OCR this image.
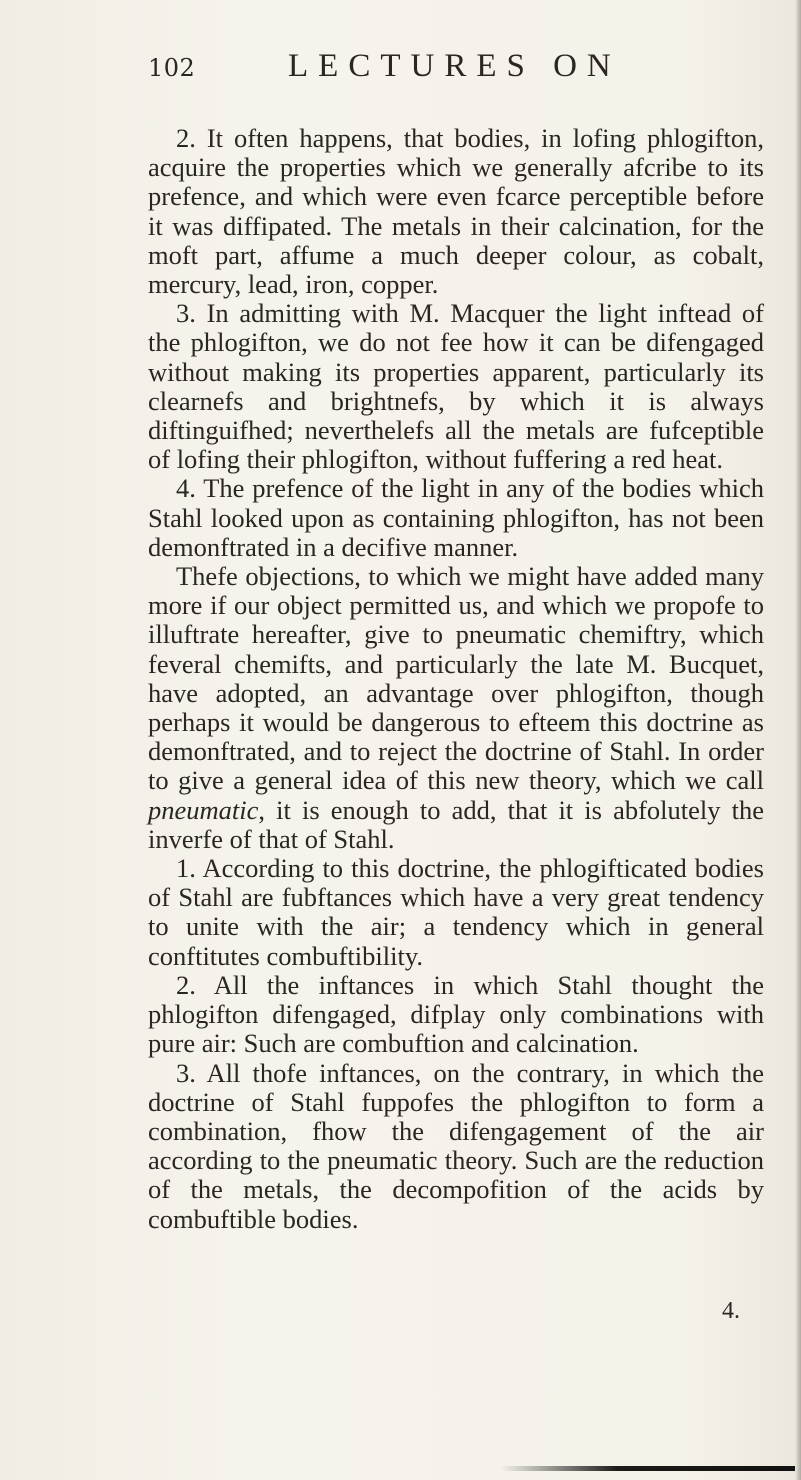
102	LECTURES ON

2. It often happens, that bodies, in lofing phlogifton, acquire the properties which we generally afcribe to its prefence, and which were even fcarce perceptible before it was diffipated. The metals in their calcination, for the moft part, affume a much deeper colour, as cobalt, mercury, lead, iron, copper.

3. In admitting with M. Macquer the light inftead of the phlogifton, we do not fee how it can be difengaged without making its properties apparent, particularly its clearnefs and brightnefs, by which it is always diftinguifhed; neverthelefs all the metals are fufceptible of lofing their phlogifton, without fuffering a red heat.

4. The prefence of the light in any of the bodies which Stahl looked upon as containing phlogifton, has not been demonftrated in a decifive manner.

Thefe objections, to which we might have added many more if our object permitted us, and which we propofe to illuftrate hereafter, give to pneumatic chemiftry, which feveral chemifts, and particularly the late M. Bucquet, have adopted, an advantage over phlogifton, though perhaps it would be dangerous to efteem this doctrine as demonftrated, and to reject the doctrine of Stahl. In order to give a general idea of this new theory, which we call pneumatic, it is enough to add, that it is abfolutely the inverfe of that of Stahl.

1. According to this doctrine, the phlogifticated bodies of Stahl are fubftances which have a very great tendency to unite with the air; a tendency which in general conftitutes combuftibility.

2. All the inftances in which Stahl thought the phlogifton difengaged, difplay only combinations with pure air: Such are combuftion and calcination.

3. All thofe inftances, on the contrary, in which the doctrine of Stahl fuppofes the phlogifton to form a combination, fhow the difengagement of the air according to the pneumatic theory. Such are the reduction of the metals, the decompofition of the acids by combuftible bodies.

4.
